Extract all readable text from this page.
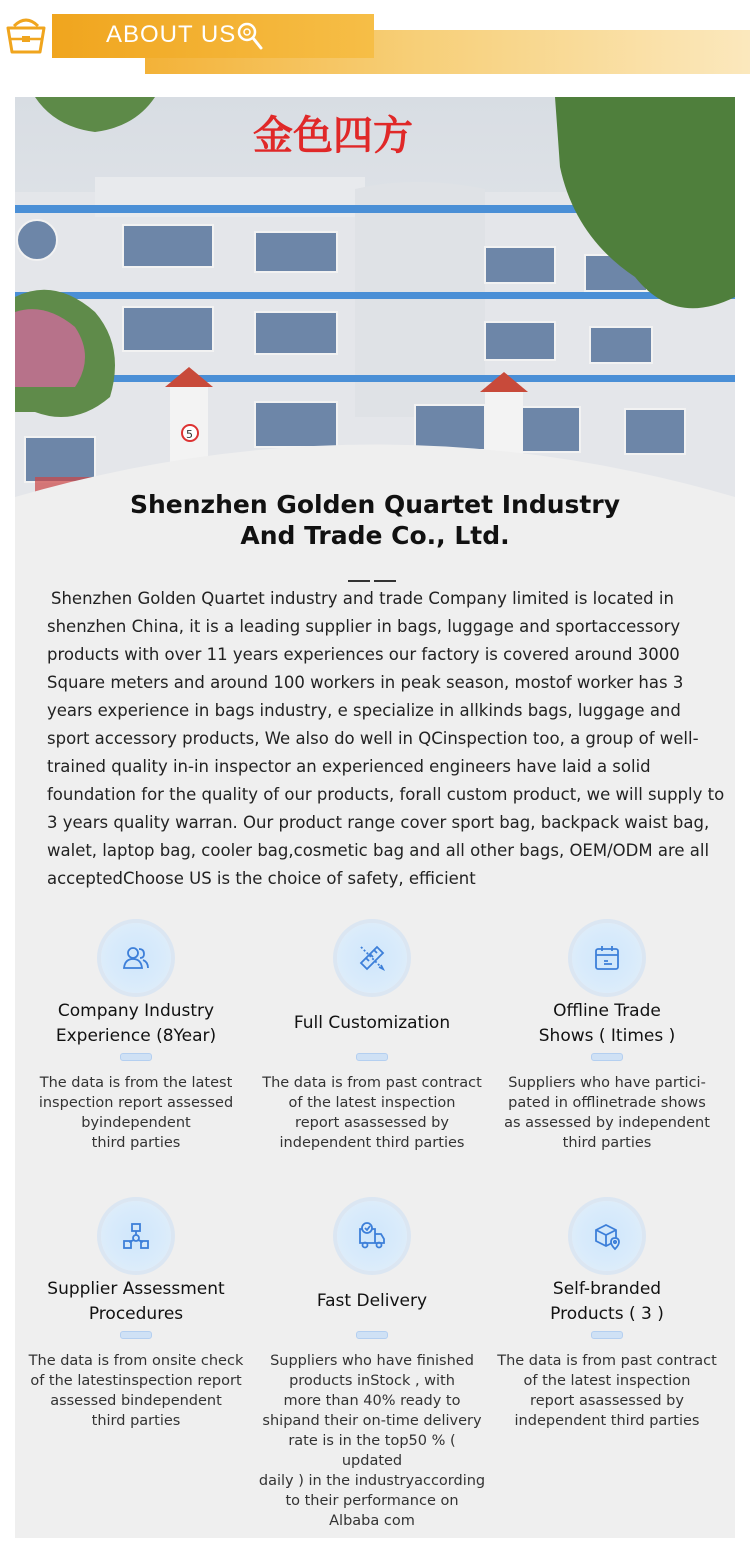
ABOUT US
金色四方
5
Shenzhen Golden Quartet Industry
And Trade Co., Ltd.
Shenzhen Golden Quartet industry and trade Company limited is located in shenzhen China, it is a leading supplier in bags, luggage and sportaccessory products with over 11 years experiences our factory is covered around 3000 Square meters and around 100 workers in peak season, mostof worker has 3 years experience in bags industry, e specialize in allkinds bags, luggage and sport accessory products, We also do well in QCinspection too, a group of well-trained quality in-in inspector an experienced engineers have laid a solid foundation for the quality of our products, forall custom product, we will supply to 3 years quality warran. Our product range cover sport bag, backpack waist bag, walet, laptop bag, cooler bag,cosmetic bag and all other bags, OEM/ODM are all acceptedChoose US is the choice of safety, efficient
Company Industry
Experience (8Year)
The data is from the latest
inspection report assessed
byindependent
third parties
Full Customization
The data is from past contract
of the latest inspection
report asassessed by
independent third parties
Offline Trade
Shows ( Itimes )
Suppliers who have partici-
pated in offlinetrade shows
as assessed by independent
third parties
Supplier Assessment
Procedures
The data is from onsite check
of the latestinspection report
assessed bindependent
third parties
Fast Delivery
Suppliers who have finished
products inStock , with
more than 40% ready to
shipand their on-time delivery
rate is in the top50 % ( updated
daily ) in the industryaccording
to their performance on
Albaba com
Self-branded
Products ( 3 )
The data is from past contract
of the latest inspection
report asassessed by
independent third parties
